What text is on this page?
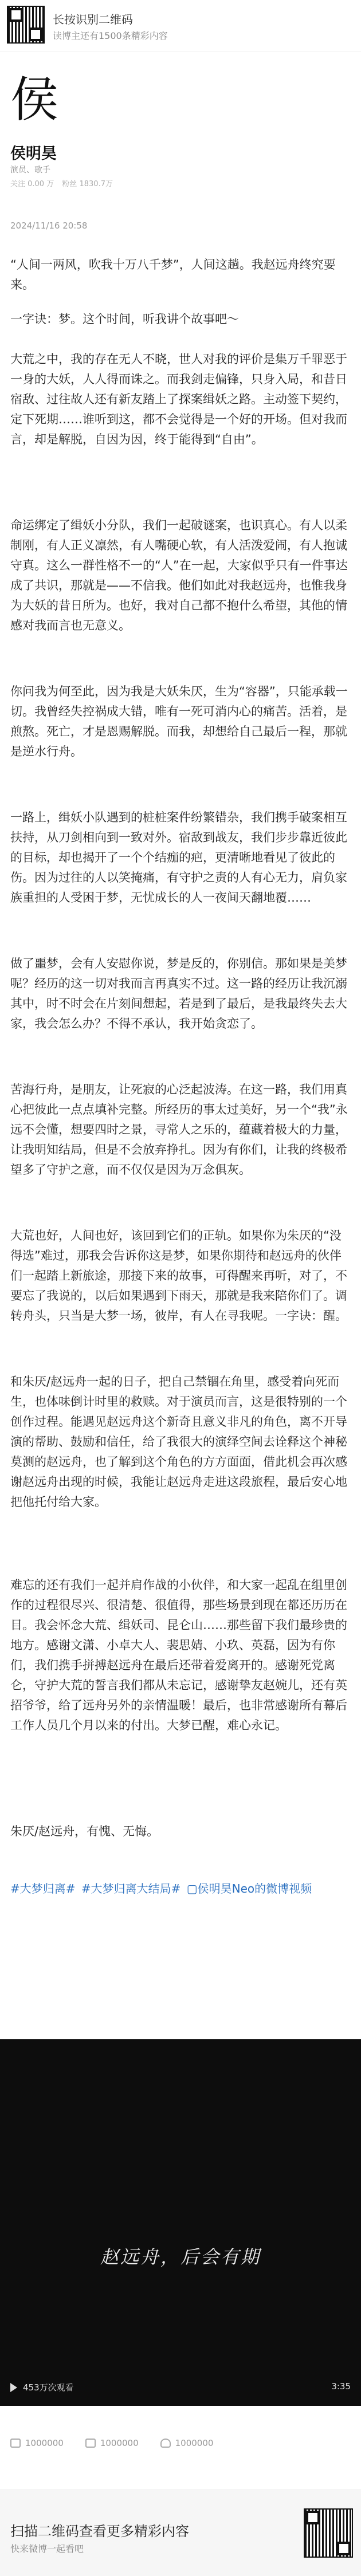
长按识别二维码
读博主还有1500条精彩内容
侯
侯明昊
演员、歌手
关注 0.00 万 粉丝 1830.7万
2024/11/16 20:58

“人间一两风，吹我十万八千梦”，人间这趟。我赵远舟终究要来。

一字诀：梦。这个时间，听我讲个故事吧～

大荒之中，我的存在无人不晓，世人对我的评价是集万千罪恶于一身的大妖，人人得而诛之。而我剑走偏锋，只身入局，和昔日宿敌、过往故人还有新友踏上了探案缉妖之路。主动签下契约，定下死期……谁听到这，都不会觉得是一个好的开场。但对我而言，却是解脱，自因为因，终于能得到“自由”。

命运绑定了缉妖小分队，我们一起破谜案，也识真心。有人以柔制刚，有人正义凛然，有人嘴硬心软，有人活泼爱闹，有人抱诚守真。这么一群性格不一的“人”在一起，大家似乎只有一件事达成了共识，那就是——不信我。他们如此对我赵远舟，也惟我身为大妖的昔日所为。也好，我对自己都不抱什么希望，其他的情感对我而言也无意义。

你问我为何至此，因为我是大妖朱厌，生为“容器”，只能承载一切。我曾经失控祸成大错，唯有一死可消内心的痛苦。活着，是煎熬。死亡，才是恩赐解脱。而我，却想给自己最后一程，那就是逆水行舟。

一路上，缉妖小队遇到的桩桩案件纷繁错杂，我们携手破案相互扶持，从刀剑相向到一致对外。宿敌到战友，我们步步靠近彼此的目标，却也揭开了一个个结痂的疤，更清晰地看见了彼此的伤。因为过往的人以笑掩痛，有守护之责的人有心无力，肩负家族重担的人受困于梦，无忧成长的人一夜间天翻地覆……

做了噩梦，会有人安慰你说，梦是反的，你别信。那如果是美梦呢？经历的这一切对我而言再真实不过。这一路的经历让我沉溺其中，时不时会在片刻间想起，若是到了最后，是我最终失去大家，我会怎么办？不得不承认，我开始贪恋了。

苦海行舟，是朋友，让死寂的心泛起波涛。在这一路，我们用真心把彼此一点点填补完整。所经历的事太过美好，另一个“我”永远不会懂，想要四时之景，寻常人之乐的，蕴藏着极大的力量，让我明知结局，但是不会放弃挣扎。因为有你们，让我的终极希望多了守护之意，而不仅仅是因为万念俱灰。

大荒也好，人间也好，该回到它们的正轨。如果你为朱厌的“没得选”难过，那我会告诉你这是梦，如果你期待和赵远舟的伙伴们一起踏上新旅途，那接下来的故事，可得醒来再听，对了，不要忘了我说的，以后如果遇到下雨天，那就是我来陪你们了。调转舟头，只当是大梦一场，彼岸，有人在寻我呢。一字诀：醒。

和朱厌/赵远舟一起的日子，把自己禁锢在角里，感受着向死而生，也体味倒计时里的救赎。对于演员而言，这是很特别的一个创作过程。能遇见赵远舟这个新奇且意义非凡的角色，离不开导演的帮助、鼓励和信任，给了我很大的演绎空间去诠释这个神秘莫测的赵远舟，也了解到这个角色的方方面面，借此机会再次感谢赵远舟出现的时候，我能让赵远舟走进这段旅程，最后安心地把他托付给大家。

难忘的还有我们一起并肩作战的小伙伴，和大家一起乱在组里创作的过程很尽兴、很清楚、很值得，那些场景到现在都还历历在目。我会怀念大荒、缉妖司、昆仑山……那些留下我们最珍贵的地方。感谢文潇、小卓大人、裴思婧、小玖、英磊，因为有你们，我们携手拼搏赵远舟在最后还带着爱离开的。感谢死党离仑，守护大荒的誓言我们都从未忘记，感谢挚友赵婉儿，还有英招爷爷，给了远舟另外的亲情温暖！最后，也非常感谢所有幕后工作人员几个月以来的付出。大梦已醒，难心永记。

朱厌/赵远舟，有愧、无悔。

#大梦归离# #大梦归离大结局# ▢侯明昊Neo的微博视频
赵远舟，后会有期
453万次观看	3:35
1000000	1000000	1000000
扫描二维码查看更多精彩内容
快来微博一起看吧
